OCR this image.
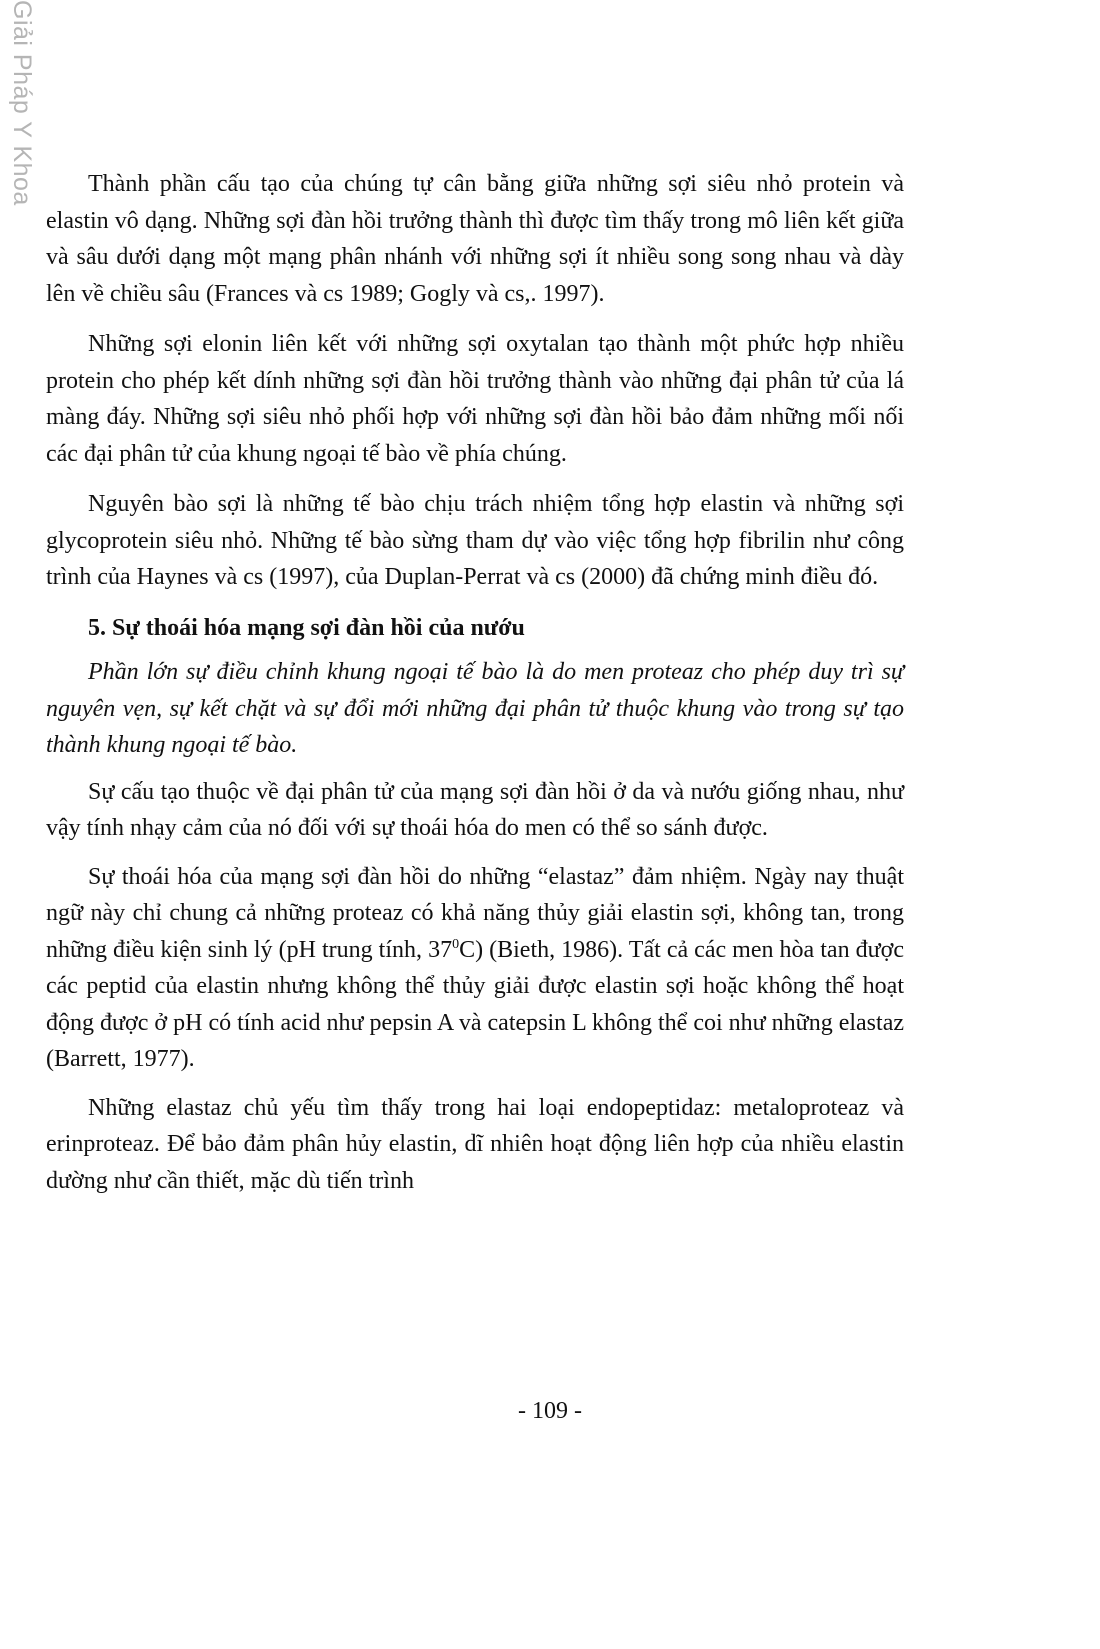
Giải Pháp Y Khoa	Thành phần cấu tạo của chúng tự cân bằng giữa những sợi siêu nhỏ protein và elastin vô dạng. Những sợi đàn hồi trưởng thành thì được tìm thấy trong mô liên kết giữa và sâu dưới dạng một mạng phân nhánh với những sợi ít nhiều song song nhau và dày lên về chiều sâu (Frances và cs 1989; Gogly và cs,. 1997).

Những sợi elonin liên kết với những sợi oxytalan tạo thành một phức hợp nhiều protein cho phép kết dính những sợi đàn hồi trưởng thành vào những đại phân tử của lá màng đáy. Những sợi siêu nhỏ phối hợp với những sợi đàn hồi bảo đảm những mối nối các đại phân tử của khung ngoại tế bào về phía chúng.

Nguyên bào sợi là những tế bào chịu trách nhiệm tổng hợp elastin và những sợi glycoprotein siêu nhỏ. Những tế bào sừng tham dự vào việc tổng hợp fibrilin như công trình của Haynes và cs (1997), của Duplan-Perrat và cs (2000) đã chứng minh điều đó.

5. Sự thoái hóa mạng sợi đàn hồi của nướu

Phần lớn sự điều chỉnh khung ngoại tế bào là do men proteaz cho phép duy trì sự nguyên vẹn, sự kết chặt và sự đổi mới những đại phân tử thuộc khung vào trong sự tạo thành khung ngoại tế bào.

Sự cấu tạo thuộc về đại phân tử của mạng sợi đàn hồi ở da và nướu giống nhau, như vậy tính nhạy cảm của nó đối với sự thoái hóa do men có thể so sánh được.

Sự thoái hóa của mạng sợi đàn hồi do những “elastaz” đảm nhiệm. Ngày nay thuật ngữ này chỉ chung cả những proteaz có khả năng thủy giải elastin sợi, không tan, trong những điều kiện sinh lý (pH trung tính, $37^0C$) (Bieth, 1986). Tất cả các men hòa tan được các peptid của elastin nhưng không thể thủy giải được elastin sợi hoặc không thể hoạt động được ở pH có tính acid như pepsin A và catepsin L không thể coi như những elastaz (Barrett, 1977).

Những elastaz chủ yếu tìm thấy trong hai loại endopeptidaz: metaloproteaz và erinproteaz. Để bảo đảm phân hủy elastin, dĩ nhiên hoạt động liên hợp của nhiều elastin dường như cần thiết, mặc dù tiến trình

- 109 -
